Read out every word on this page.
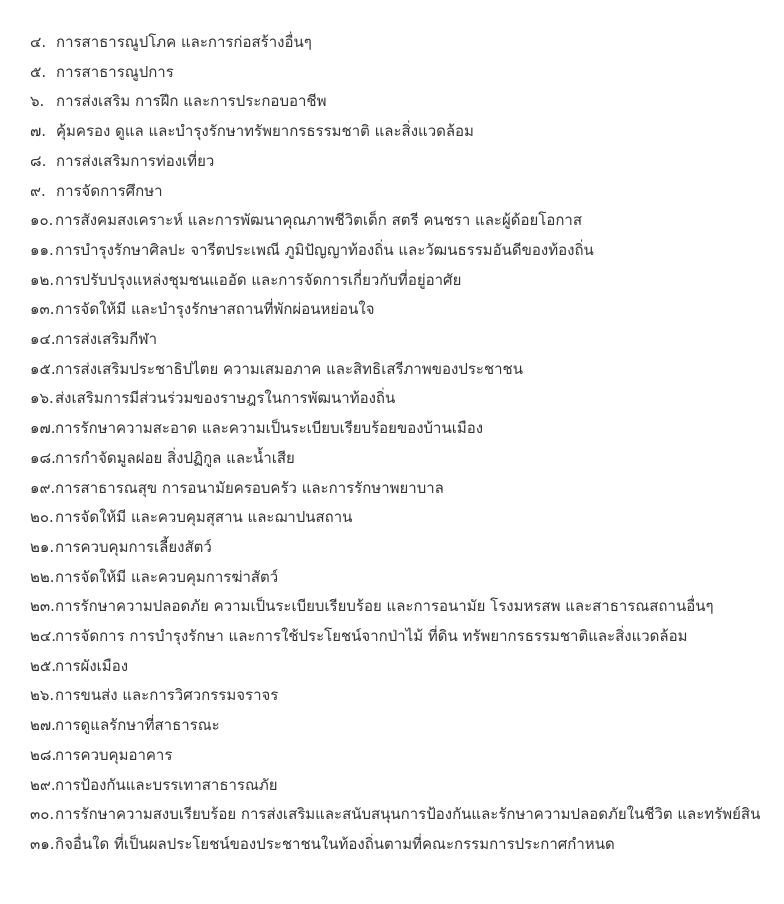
๔. การสาธารณูปโภค และการก่อสร้างอื่นๆ
๕. การสาธารณูปการ
๖. การส่งเสริม การฝึก และการประกอบอาชีพ
๗. คุ้มครอง ดูแล และบำรุงรักษาทรัพยากรธรรมชาติ และสิ่งแวดล้อม
๘. การส่งเสริมการท่องเที่ยว
๙. การจัดการศึกษา
๑๐. การสังคมสงเคราะห์ และการพัฒนาคุณภาพชีวิตเด็ก สตรี คนชรา และผู้ด้อยโอกาส
๑๑. การบำรุงรักษาศิลปะ จารีตประเพณี ภูมิปัญญาท้องถิ่น และวัฒนธรรมอันดีของท้องถิ่น
๑๒. การปรับปรุงแหล่งชุมชนแออัด และการจัดการเกี่ยวกับที่อยู่อาศัย
๑๓. การจัดให้มี และบำรุงรักษาสถานที่พักผ่อนหย่อนใจ
๑๔. การส่งเสริมกีฬา
๑๕. การส่งเสริมประชาธิปไตย ความเสมอภาค และสิทธิเสรีภาพของประชาชน
๑๖. ส่งเสริมการมีส่วนร่วมของราษฎรในการพัฒนาท้องถิ่น
๑๗. การรักษาความสะอาด และความเป็นระเบียบเรียบร้อยของบ้านเมือง
๑๘. การกำจัดมูลฝอย สิ่งปฏิกูล และน้ำเสีย
๑๙. การสาธารณสุข การอนามัยครอบครัว และการรักษาพยาบาล
๒๐. การจัดให้มี และควบคุมสุสาน และฌาปนสถาน
๒๑. การควบคุมการเลี้ยงสัตว์
๒๒. การจัดให้มี และควบคุมการฆ่าสัตว์
๒๓. การรักษาความปลอดภัย ความเป็นระเบียบเรียบร้อย และการอนามัย โรงมหรสพ และสาธารณสถานอื่นๆ
๒๔.
การจัดการ การบำรุงรักษา และการใช้ประโยชน์จากป่าไม้ ที่ดิน ทรัพยากรธรรมชาติและสิ่งแวดล้อม
๒๕.
การผังเมือง
๒๖. การขนส่ง และการวิศวกรรมจราจร
๒๗. การดูแลรักษาที่สาธารณะ
๒๘.
การควบคุมอาคาร
๒๙. การป้องกันและบรรเทาสาธารณภัย
๓๐. การรักษาความสงบเรียบร้อย การส่งเสริมและสนับสนุนการป้องกันและรักษาความปลอดภัยในชีวิต และทรัพย์สิน
๓๑. กิจอื่นใด ที่เป็นผลประโยชน์ของประชาชนในท้องถิ่นตามที่คณะกรรมการประกาศกำหนด
